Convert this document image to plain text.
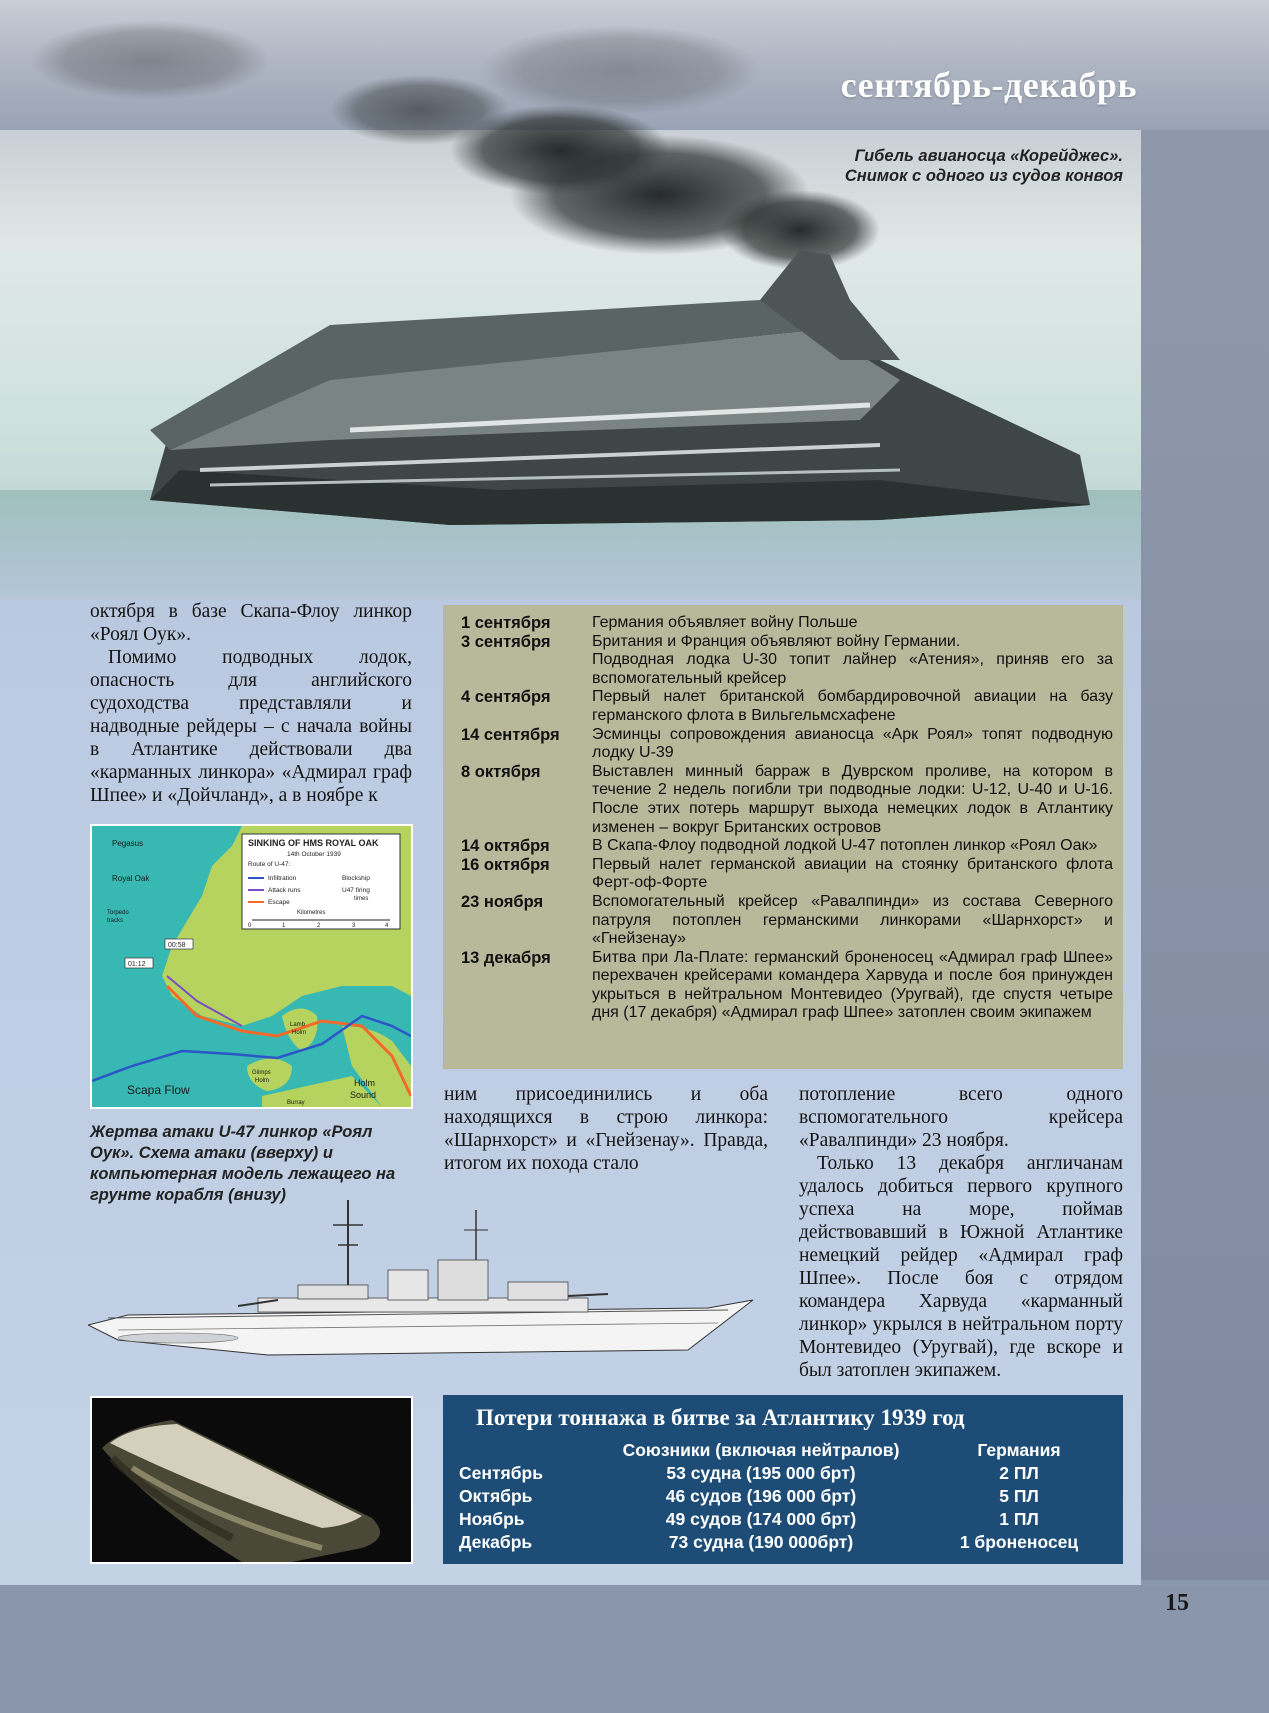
сентябрь-декабрь
Гибель авианосца «Корейджес».
Снимок с одного из судов конвоя

октября в базе Скапа-Флоу линкор «Роял Оук».

Помимо подводных лодок, опасность для английского судоходства представляли и надводные рейдеры – с начала войны в Атлантике действовали два «карманных линкора» «Адмирал граф Шпее» и «Дойчланд», а в ноябре к

1 сентября	Германия объявляет войну Польше
3 сентября	Британия и Франция объявляют войну Германии.
Подводная лодка U-30 топит лайнер «Атения», приняв его за вспомогательный крейсер
4 сентября	Первый налет британской бомбардировочной авиации на базу германского флота в Вильгельмсхафене
14 сентября	Эсминцы сопровождения авианосца «Арк Роял» топят подводную лодку U-39
8 октября	Выставлен минный барраж в Дуврском проливе, на котором в течение 2 недель погибли три подводные лодки: U-12, U-40 и U-16. После этих потерь маршрут выхода немецких лодок в Атлантику изменен – вокруг Британских островов
14 октября	В Скапа-Флоу подводной лодкой U-47 потоплен линкор «Роял Оак»
16 октября	Первый налет германской авиации на стоянку британского флота Ферт-оф-Форте
23 ноября	Вспомогательный крейсер «Равалпинди» из состава Северного патруля потоплен германскими линкорами «Шарнхорст» и «Гнейзенау»
13 декабря	Битва при Ла-Плате: германский броненосец «Адмирал граф Шпее» перехвачен крейсерами командера Харвуда и после боя принужден укрыться в нейтральном Монтевидео (Уругвай), где спустя четыре дня (17 декабря) «Адмирал граф Шпее» затоплен своим экипажем
SINKING OF HMS ROYAL OAK
14th October 1939
Route of U-47:
Infiltration
Attack runs
Escape
Blockship
U47 firing
times
Kilometres
0	1	2	3	4
Pegasus
Royal Oak
Torpedo
tracks
00:58
01:12
Lamb
Holm
Glimps
Holm
Burray
Scapa Flow	Holm
Sound
Жертва атаки U-47 линкор «Роял Оук». Схема атаки (вверху) и компьютерная модель лежащего на грунте корабля (внизу)

ним присоединились и оба находящихся в строю линкора: «Шарнхорст» и «Гнейзенау». Правда, итогом их похода стало

потопление всего одного вспомогательного крейсера «Равалпинди» 23 ноября.

Только 13 декабря англичанам удалось добиться первого крупного успеха на море, поймав действовавший в Южной Атлантике немецкий рейдер «Адмирал граф Шпее». После боя с отрядом командера Харвуда «карманный линкор» укрылся в нейтральном порту Монтевидео (Уругвай), где вскоре и был затоплен экипажем.

Потери тоннажа в битве за Атлантику 1939 год
	Союзники (включая нейтралов)	Германия
Сентябрь	53 судна (195 000 брт)	2 ПЛ
Октябрь	46 судов (196 000 брт)	5 ПЛ
Ноябрь	49 судов (174 000 брт)	1 ПЛ
Декабрь	73 судна (190 000брт)	1 броненосец
15
